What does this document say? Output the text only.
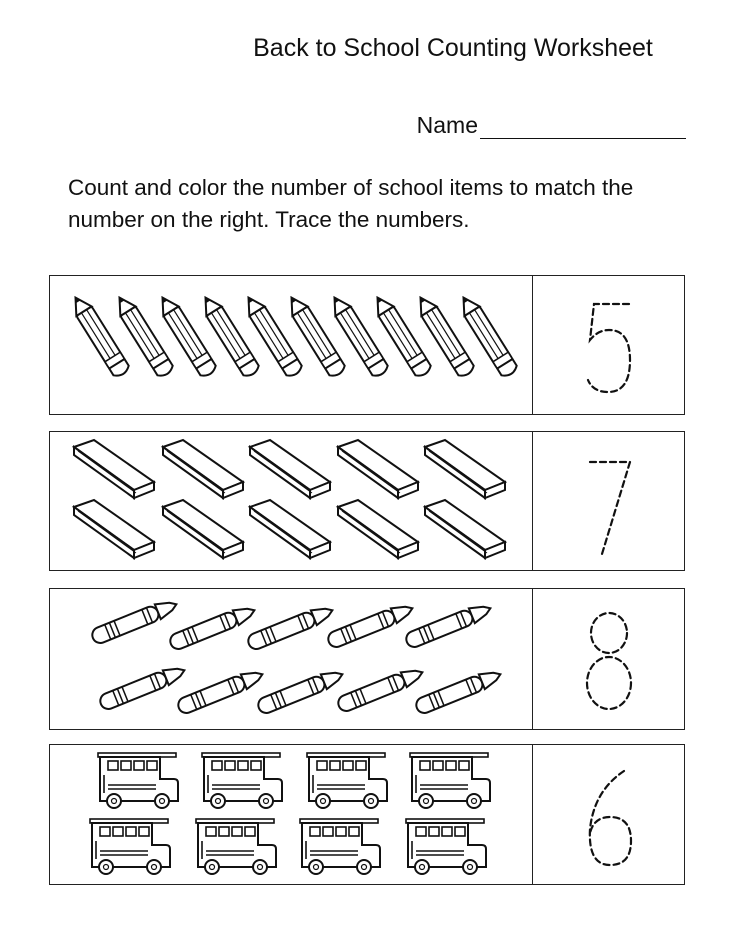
Back to School Counting Worksheet
Name
Count and color the number of school items to match the number on the right. Trace the numbers.
